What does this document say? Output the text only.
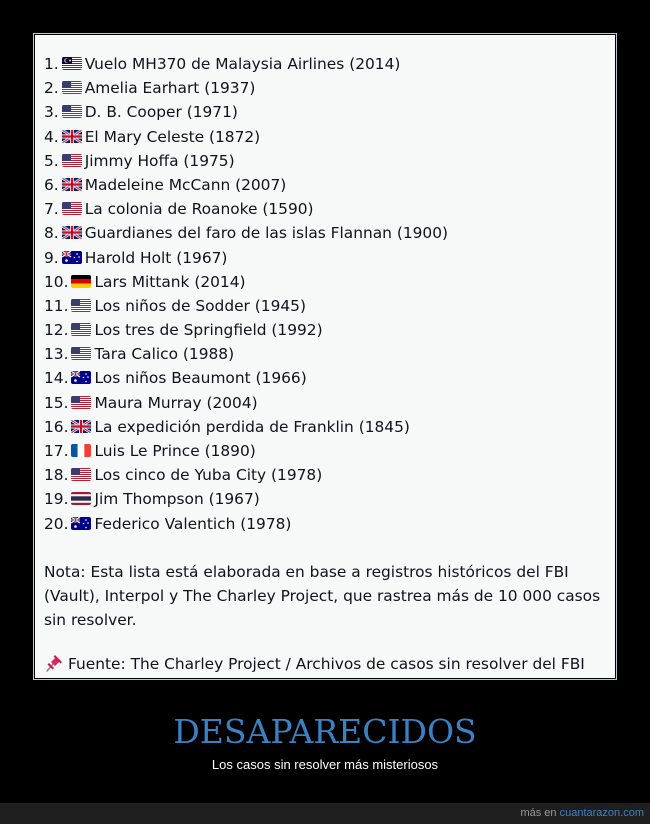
1. Vuelo MH370 de Malaysia Airlines (2014)
2. Amelia Earhart (1937)
3. D. B. Cooper (1971)
4. El Mary Celeste (1872)
5. Jimmy Hoffa (1975)
6. Madeleine McCann (2007)
7. La colonia de Roanoke (1590)
8. Guardianes del faro de las islas Flannan (1900)
9. Harold Holt (1967)
10. Lars Mittank (2014)
11. Los niños de Sodder (1945)
12. Los tres de Springfield (1992)
13. Tara Calico (1988)
14. Los niños Beaumont (1966)
15. Maura Murray (2004)
16. La expedición perdida de Franklin (1845)
17. Luis Le Prince (1890)
18. Los cinco de Yuba City (1978)
19. Jim Thompson (1967)
20. Federico Valentich (1978)
Nota: Esta lista está elaborada en base a registros históricos del FBI
(Vault), Interpol y The Charley Project, que rastrea más de 10 000 casos
sin resolver.
Fuente: The Charley Project / Archivos de casos sin resolver del FBI
DESAPARECIDOS
Los casos sin resolver más misteriosos
más en cuantarazon.com
